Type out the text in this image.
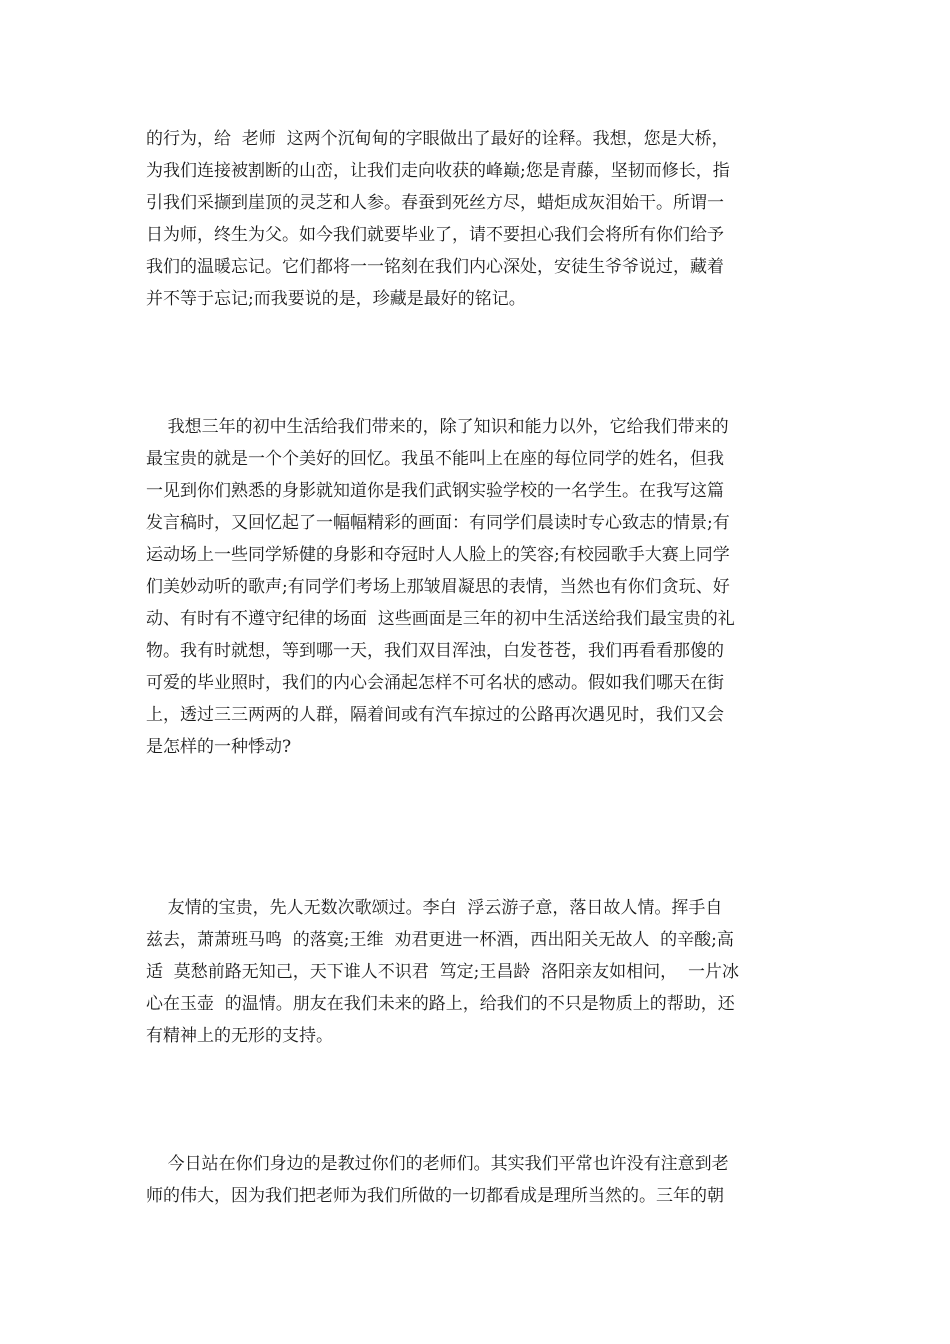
的行为，给  老师  这两个沉甸甸的字眼做出了最好的诠释。我想，您是大桥，
为我们连接被割断的山峦，让我们走向收获的峰巅;您是青藤，坚韧而修长，指
引我们采撷到崖顶的灵芝和人参。春蚕到死丝方尽，蜡炬成灰泪始干。所谓一
日为师，终生为父。如今我们就要毕业了，请不要担心我们会将所有你们给予
我们的温暖忘记。它们都将一一铭刻在我们内心深处，安徒生爷爷说过，藏着
并不等于忘记;而我要说的是，珍藏是最好的铭记。
我想三年的初中生活给我们带来的，除了知识和能力以外，它给我们带来的
最宝贵的就是一个个美好的回忆。我虽不能叫上在座的每位同学的姓名，但我
一见到你们熟悉的身影就知道你是我们武钢实验学校的一名学生。在我写这篇
发言稿时，又回忆起了一幅幅精彩的画面：有同学们晨读时专心致志的情景;有
运动场上一些同学矫健的身影和夺冠时人人脸上的笑容;有校园歌手大赛上同学
们美妙动听的歌声;有同学们考场上那皱眉凝思的表情，当然也有你们贪玩、好
动、有时有不遵守纪律的场面  这些画面是三年的初中生活送给我们最宝贵的礼
物。我有时就想，等到哪一天，我们双目浑浊，白发苍苍，我们再看看那傻的
可爱的毕业照时，我们的内心会涌起怎样不可名状的感动。假如我们哪天在街
上，透过三三两两的人群，隔着间或有汽车掠过的公路再次遇见时，我们又会
是怎样的一种悸动?
友情的宝贵，先人无数次歌颂过。李白  浮云游子意，落日故人情。挥手自
兹去，萧萧班马鸣  的落寞;王维  劝君更进一杯酒，西出阳关无故人  的辛酸;高
适  莫愁前路无知己，天下谁人不识君  笃定;王昌龄  洛阳亲友如相问，  一片冰
心在玉壶  的温情。朋友在我们未来的路上，给我们的不只是物质上的帮助，还
有精神上的无形的支持。
今日站在你们身边的是教过你们的老师们。其实我们平常也许没有注意到老
师的伟大，因为我们把老师为我们所做的一切都看成是理所当然的。三年的朝
